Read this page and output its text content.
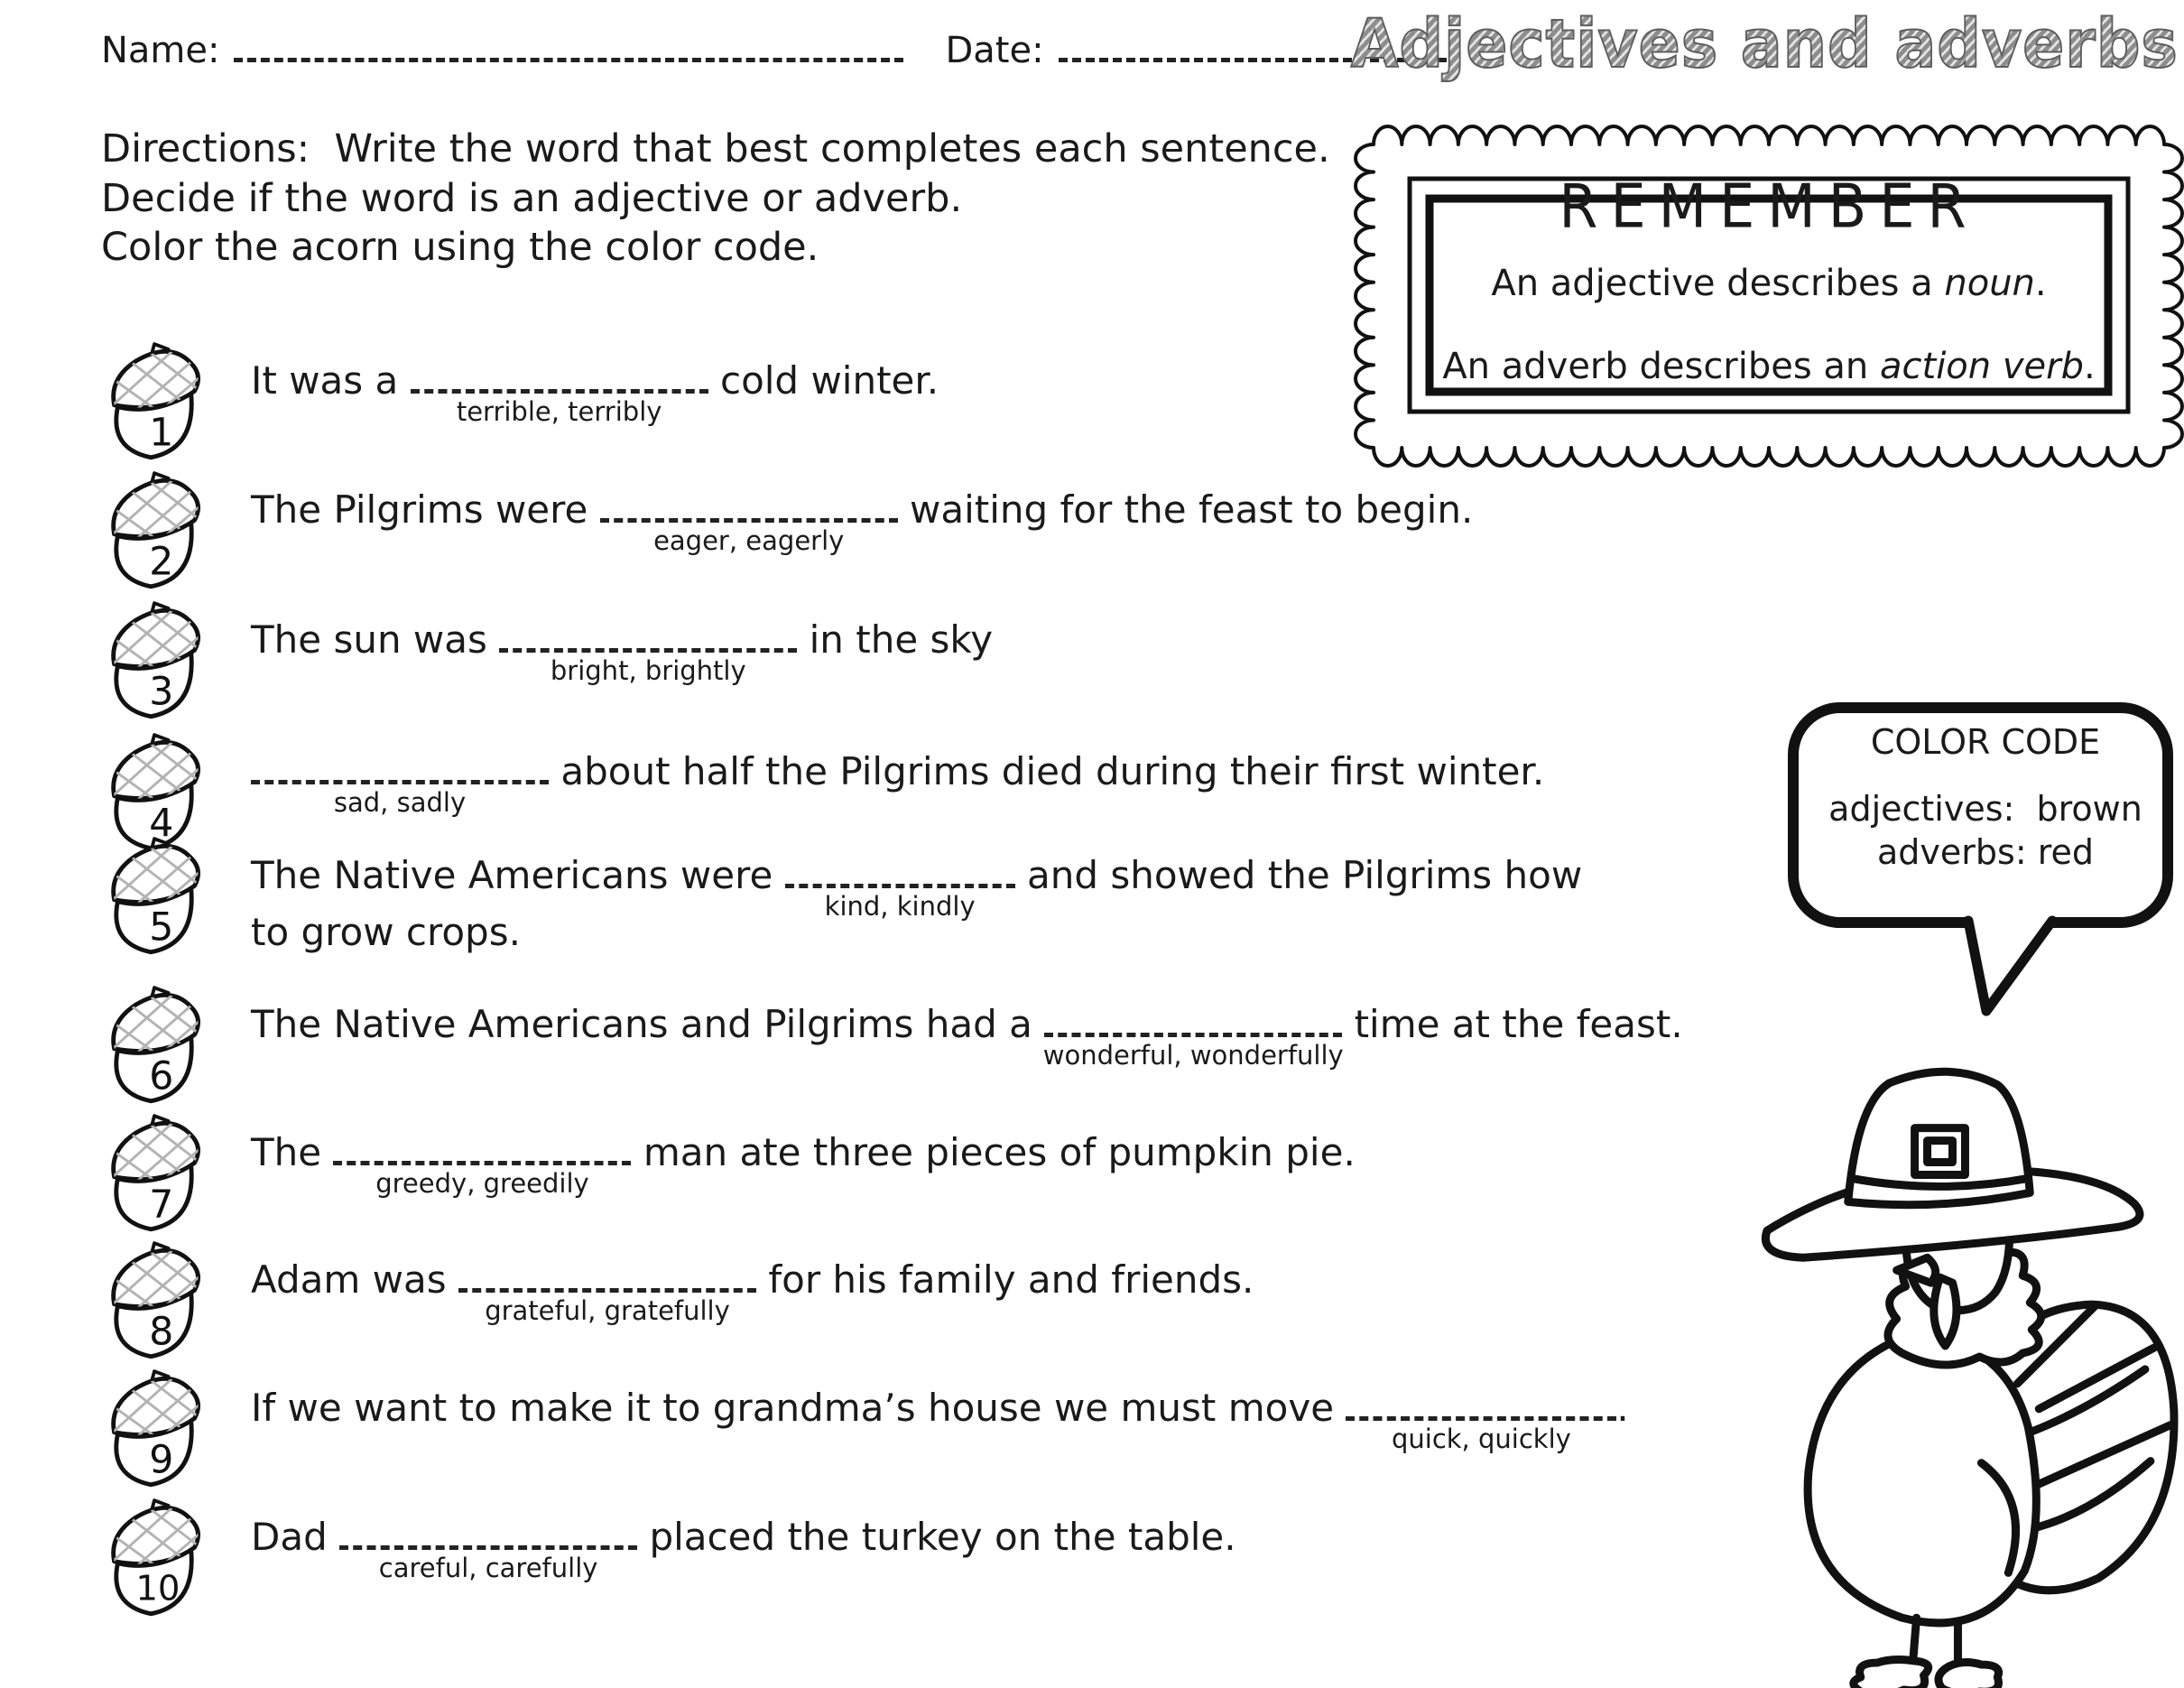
Name:	Date:	Adjectives and adverbs
Directions:  Write the word that best completes each sentence.
Decide if the word is an adjective or adverb.
Color the acorn using the color code.
REMEMBER
An adjective describes a noun.
An adverb describes an action verb.
1
It was a
terrible, terribly
cold winter.
2
The Pilgrims were
eager, eagerly
waiting for the feast to begin.
3
The sun was
bright, brightly
in the sky
4	sad, sadly
about half the Pilgrims died during their first winter.
5
The Native Americans were
kind, kindly
and showed the Pilgrims how
to grow crops.
6
The Native Americans and Pilgrims had a
wonderful, wonderfully
time at the feast.
7
The
greedy, greedily
man ate three pieces of pumpkin pie.
8
Adam was
grateful, gratefully
for his family and friends.
9
If we want to make it to grandma’s house we must move
quick, quickly
.
10
Dad
careful, carefully
placed the turkey on the table.
COLOR CODE
adjectives:  brown
adverbs: red
